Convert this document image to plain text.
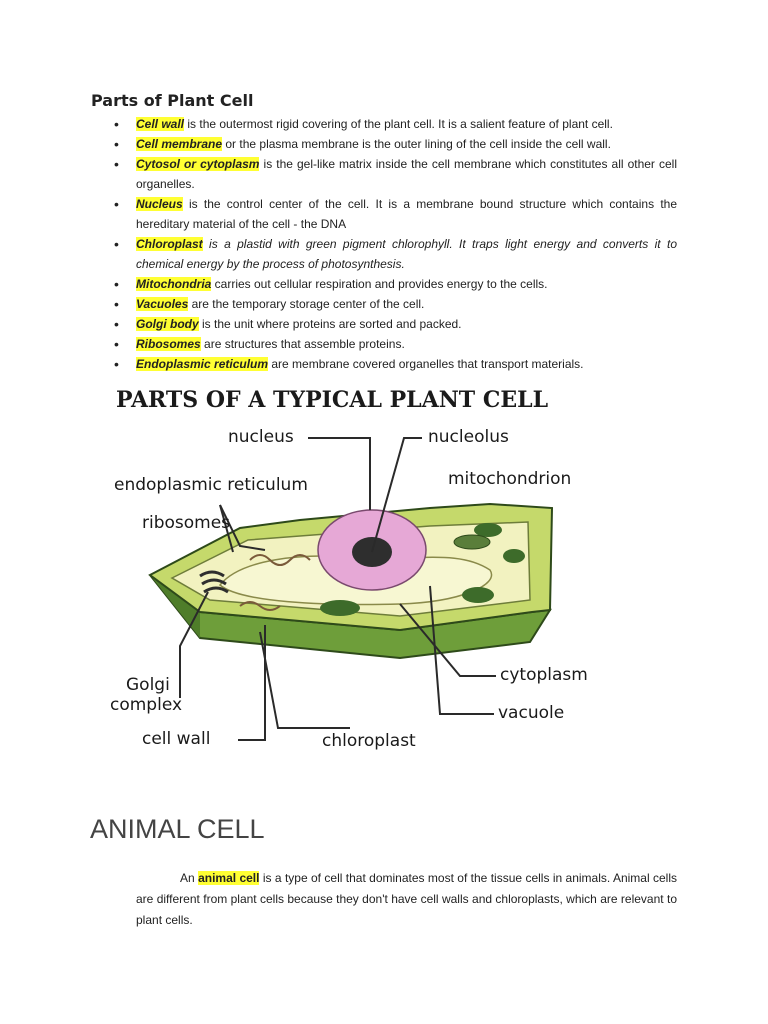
Parts of Plant Cell
• Cell wall is the outermost rigid covering of the plant cell. It is a salient feature of plant cell.
• Cell membrane or the plasma membrane is the outer lining of the cell inside the cell wall.
• Cytosol or cytoplasm is the gel-like matrix inside the cell membrane which constitutes all other cell organelles.
• Nucleus is the control center of the cell. It is a membrane bound structure which contains the hereditary material of the cell - the DNA
• Chloroplast is a plastid with green pigment chlorophyll. It traps light energy and converts it to chemical energy by the process of photosynthesis.
• Mitochondria carries out cellular respiration and provides energy to the cells.
• Vacuoles are the temporary storage center of the cell.
• Golgi body is the unit where proteins are sorted and packed.
• Ribosomes are structures that assemble proteins.
• Endoplasmic reticulum are membrane covered organelles that transport materials.
PARTS OF A TYPICAL PLANT CELL
nucleus	nucleolus
endoplasmic reticulum	mitochondrion
ribosomes
Golgi
complex
cytoplasm
vacuole
cell wall	chloroplast
ANIMAL CELL

An animal cell is a type of cell that dominates most of the tissue cells in animals. Animal cells are different from plant cells because they don't have cell walls and chloroplasts, which are relevant to plant cells.
